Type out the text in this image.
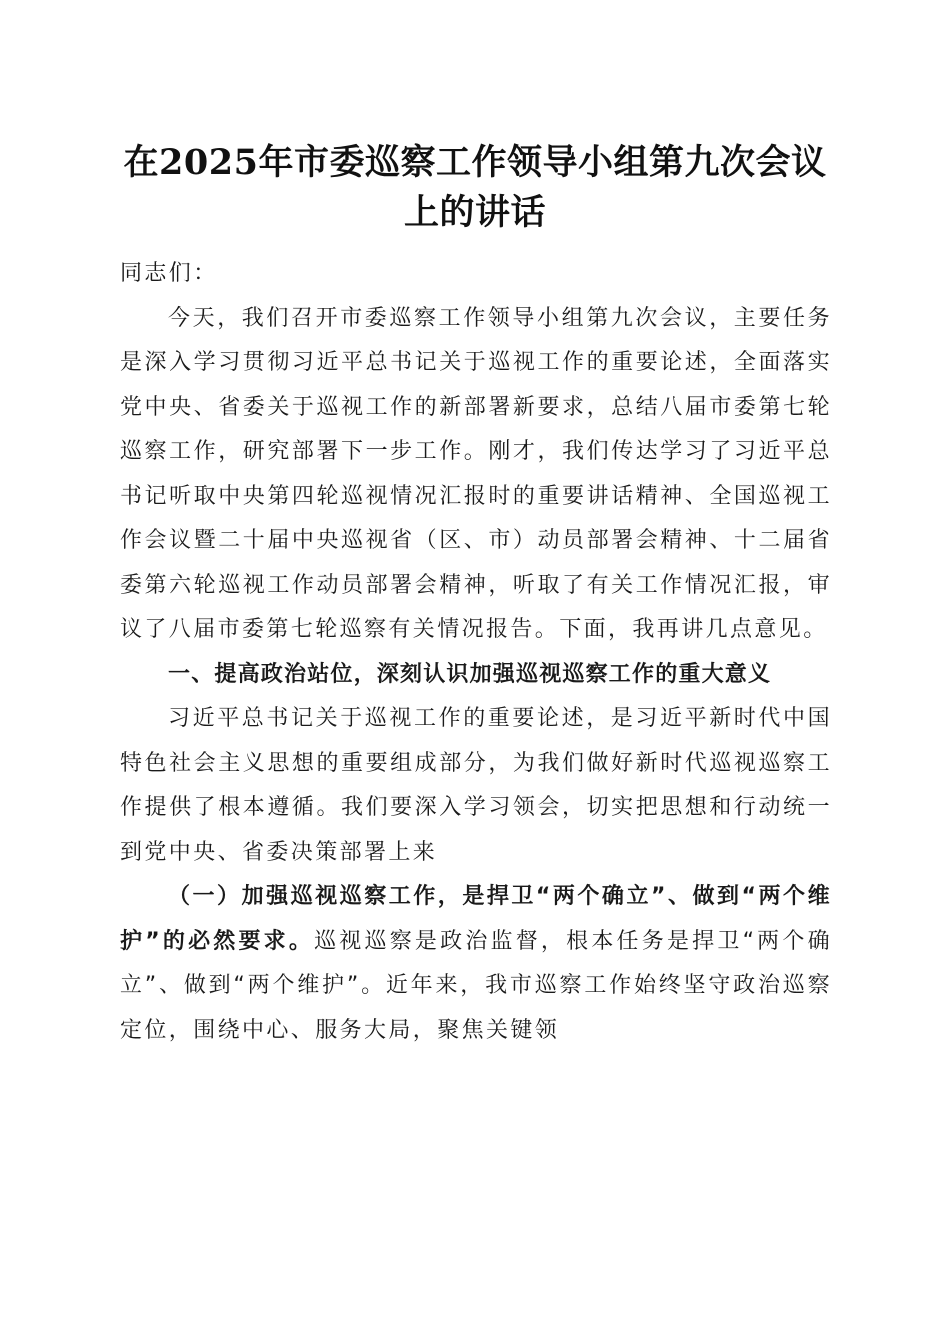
在2025年市委巡察工作领导小组第九次会议
上的讲话

同志们：

今天，我们召开市委巡察工作领导小组第九次会议，主要任务是深入学习贯彻习近平总书记关于巡视工作的重要论述，全面落实党中央、省委关于巡视工作的新部署新要求，总结八届市委第七轮巡察工作，研究部署下一步工作。刚才，我们传达学习了习近平总书记听取中央第四轮巡视情况汇报时的重要讲话精神、全国巡视工作会议暨二十届中央巡视省（区、市）动员部署会精神、十二届省委第六轮巡视工作动员部署会精神，听取了有关工作情况汇报，审议了八届市委第七轮巡察有关情况报告。下面，我再讲几点意见。

一、提高政治站位，深刻认识加强巡视巡察工作的重大意义

习近平总书记关于巡视工作的重要论述，是习近平新时代中国特色社会主义思想的重要组成部分，为我们做好新时代巡视巡察工作提供了根本遵循。我们要深入学习领会，切实把思想和行动统一到党中央、省委决策部署上来

（一）加强巡视巡察工作，是捍卫“两个确立”、做到“两个维护”的必然要求。巡视巡察是政治监督，根本任务是捍卫“两个确立”、做到“两个维护”。近年来，我市巡察工作始终坚守政治巡察定位，围绕中心、服务大局，聚焦关键领
